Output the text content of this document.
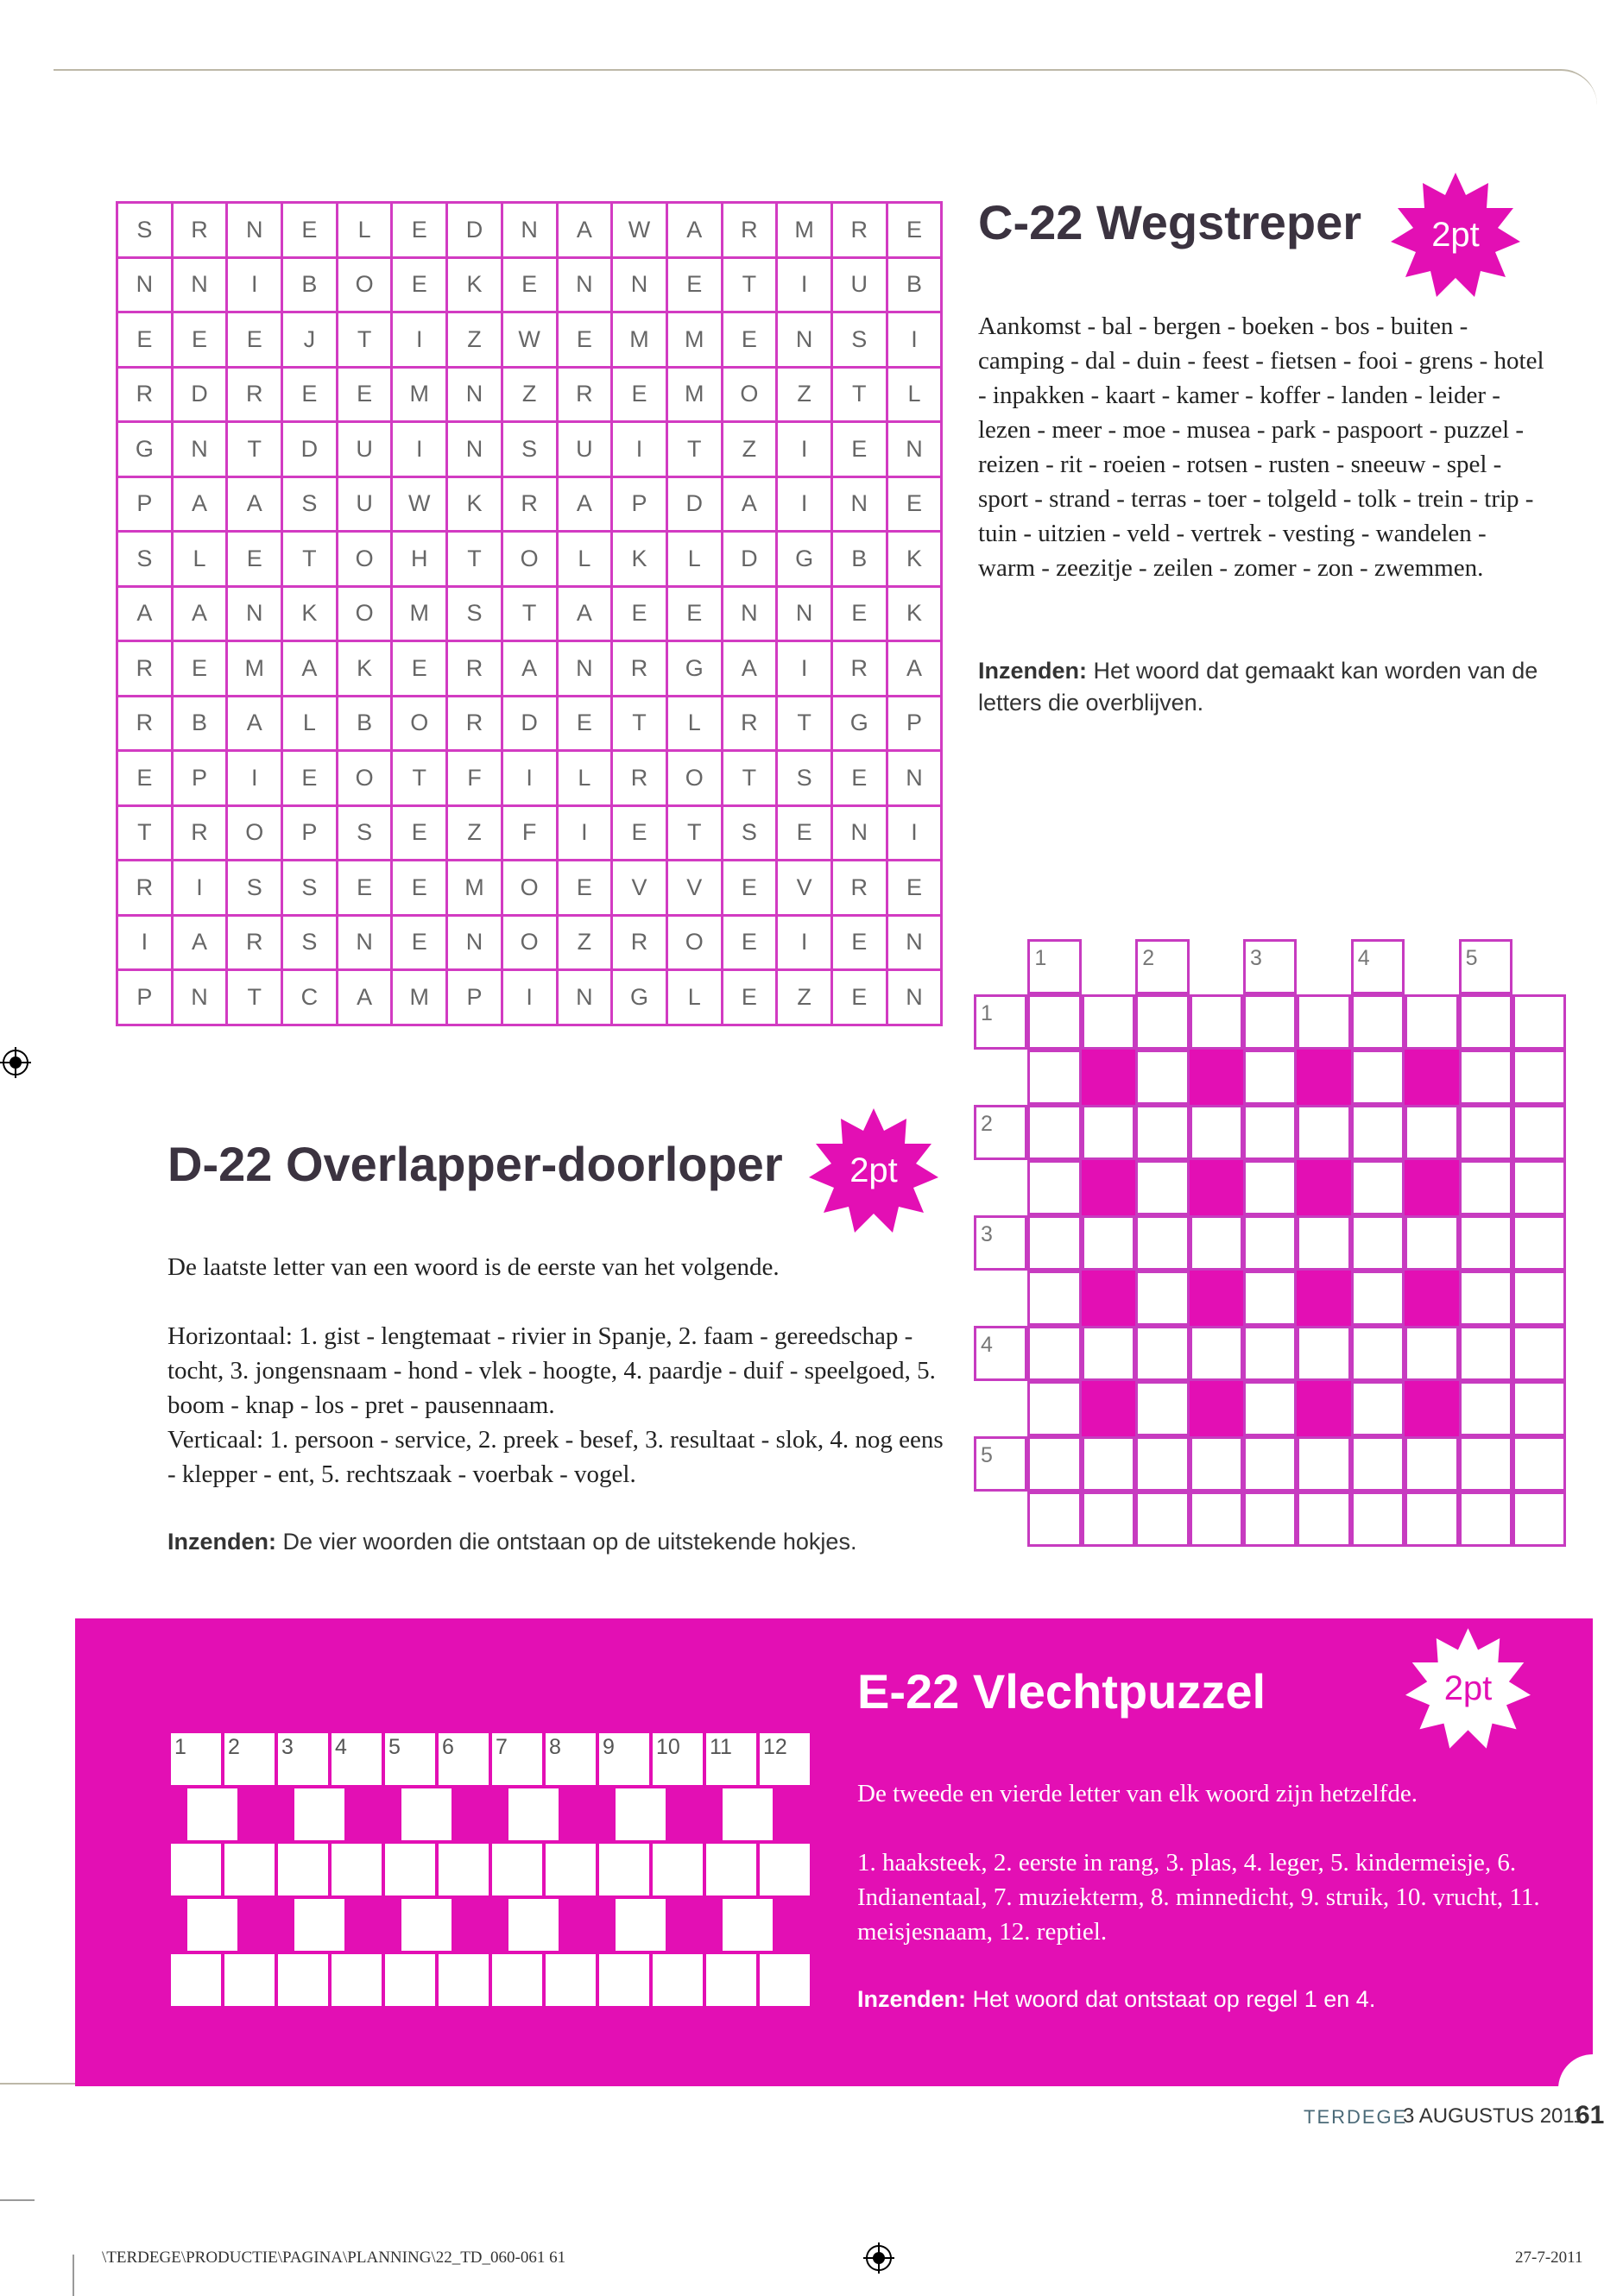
S	R	N	E	L	E	D	N	A	W	A	R	M	R	E
N	N	I	B	O	E	K	E	N	N	E	T	I	U	B
E	E	E	J	T	I	Z	W	E	M	M	E	N	S	I
R	D	R	E	E	M	N	Z	R	E	M	O	Z	T	L
G	N	T	D	U	I	N	S	U	I	T	Z	I	E	N
P	A	A	S	U	W	K	R	A	P	D	A	I	N	E
S	L	E	T	O	H	T	O	L	K	L	D	G	B	K
A	A	N	K	O	M	S	T	A	E	E	N	N	E	K
R	E	M	A	K	E	R	A	N	R	G	A	I	R	A
R	B	A	L	B	O	R	D	E	T	L	R	T	G	P
E	P	I	E	O	T	F	I	L	R	O	T	S	E	N
T	R	O	P	S	E	Z	F	I	E	T	S	E	N	I
R	I	S	S	E	E	M	O	E	V	V	E	V	R	E
I	A	R	S	N	E	N	O	Z	R	O	E	I	E	N
P	N	T	C	A	M	P	I	N	G	L	E	Z	E	N
C-22 Wegstreper	2pt
Aankomst - bal - bergen - boeken - bos - buiten - camping - dal - duin - feest - fietsen - fooi - grens - hotel - inpakken - kaart - kamer - koffer - landen - leider - lezen - meer - moe - musea - park - paspoort - puzzel - reizen - rit - roeien - rotsen - rusten - sneeuw - spel - sport - strand - terras - toer - tolgeld - tolk - trein - trip - tuin - uitzien - veld - vertrek - vesting - wandelen - warm - zeezitje - zeilen - zomer - zon - zwemmen.
Inzenden: Het woord dat gemaakt kan worden van de letters die overblijven.
D-22 Overlapper-doorloper	2pt
De laatste letter van een woord is de eerste van het volgende.
Horizontaal: 1. gist - lengtemaat - rivier in Spanje, 2. faam - gereedschap - tocht, 3. jongensnaam - hond - vlek - hoogte, 4. paardje - duif - speelgoed, 5. boom - knap - los - pret - pausennaam.
Verticaal: 1. persoon - service, 2. preek - besef, 3. resultaat - slok, 4. nog eens - klepper - ent, 5. rechtszaak - voerbak - vogel.
Inzenden: De vier woorden die ontstaan op de uitstekende hokjes.
1	2	3	4	5
1
2
3
4
5
E-22 Vlechtpuzzel	2pt
De tweede en vierde letter van elk woord zijn hetzelfde.
1. haaksteek, 2. eerste in rang, 3. plas, 4. leger, 5. kindermeisje, 6. Indianentaal, 7. muziekterm, 8. minnedicht, 9. struik, 10. vrucht, 11. meisjesnaam, 12. reptiel.
Inzenden: Het woord dat ontstaat op regel 1 en 4.
1 2 3 4 5 6 7 8 9 10 11 12
TERDEGE
3 AUGUSTUS 2011
61
\TERDEGE\PRODUCTIE\PAGINA\PLANNING\22_TD_060-061 61	27-7-2011
